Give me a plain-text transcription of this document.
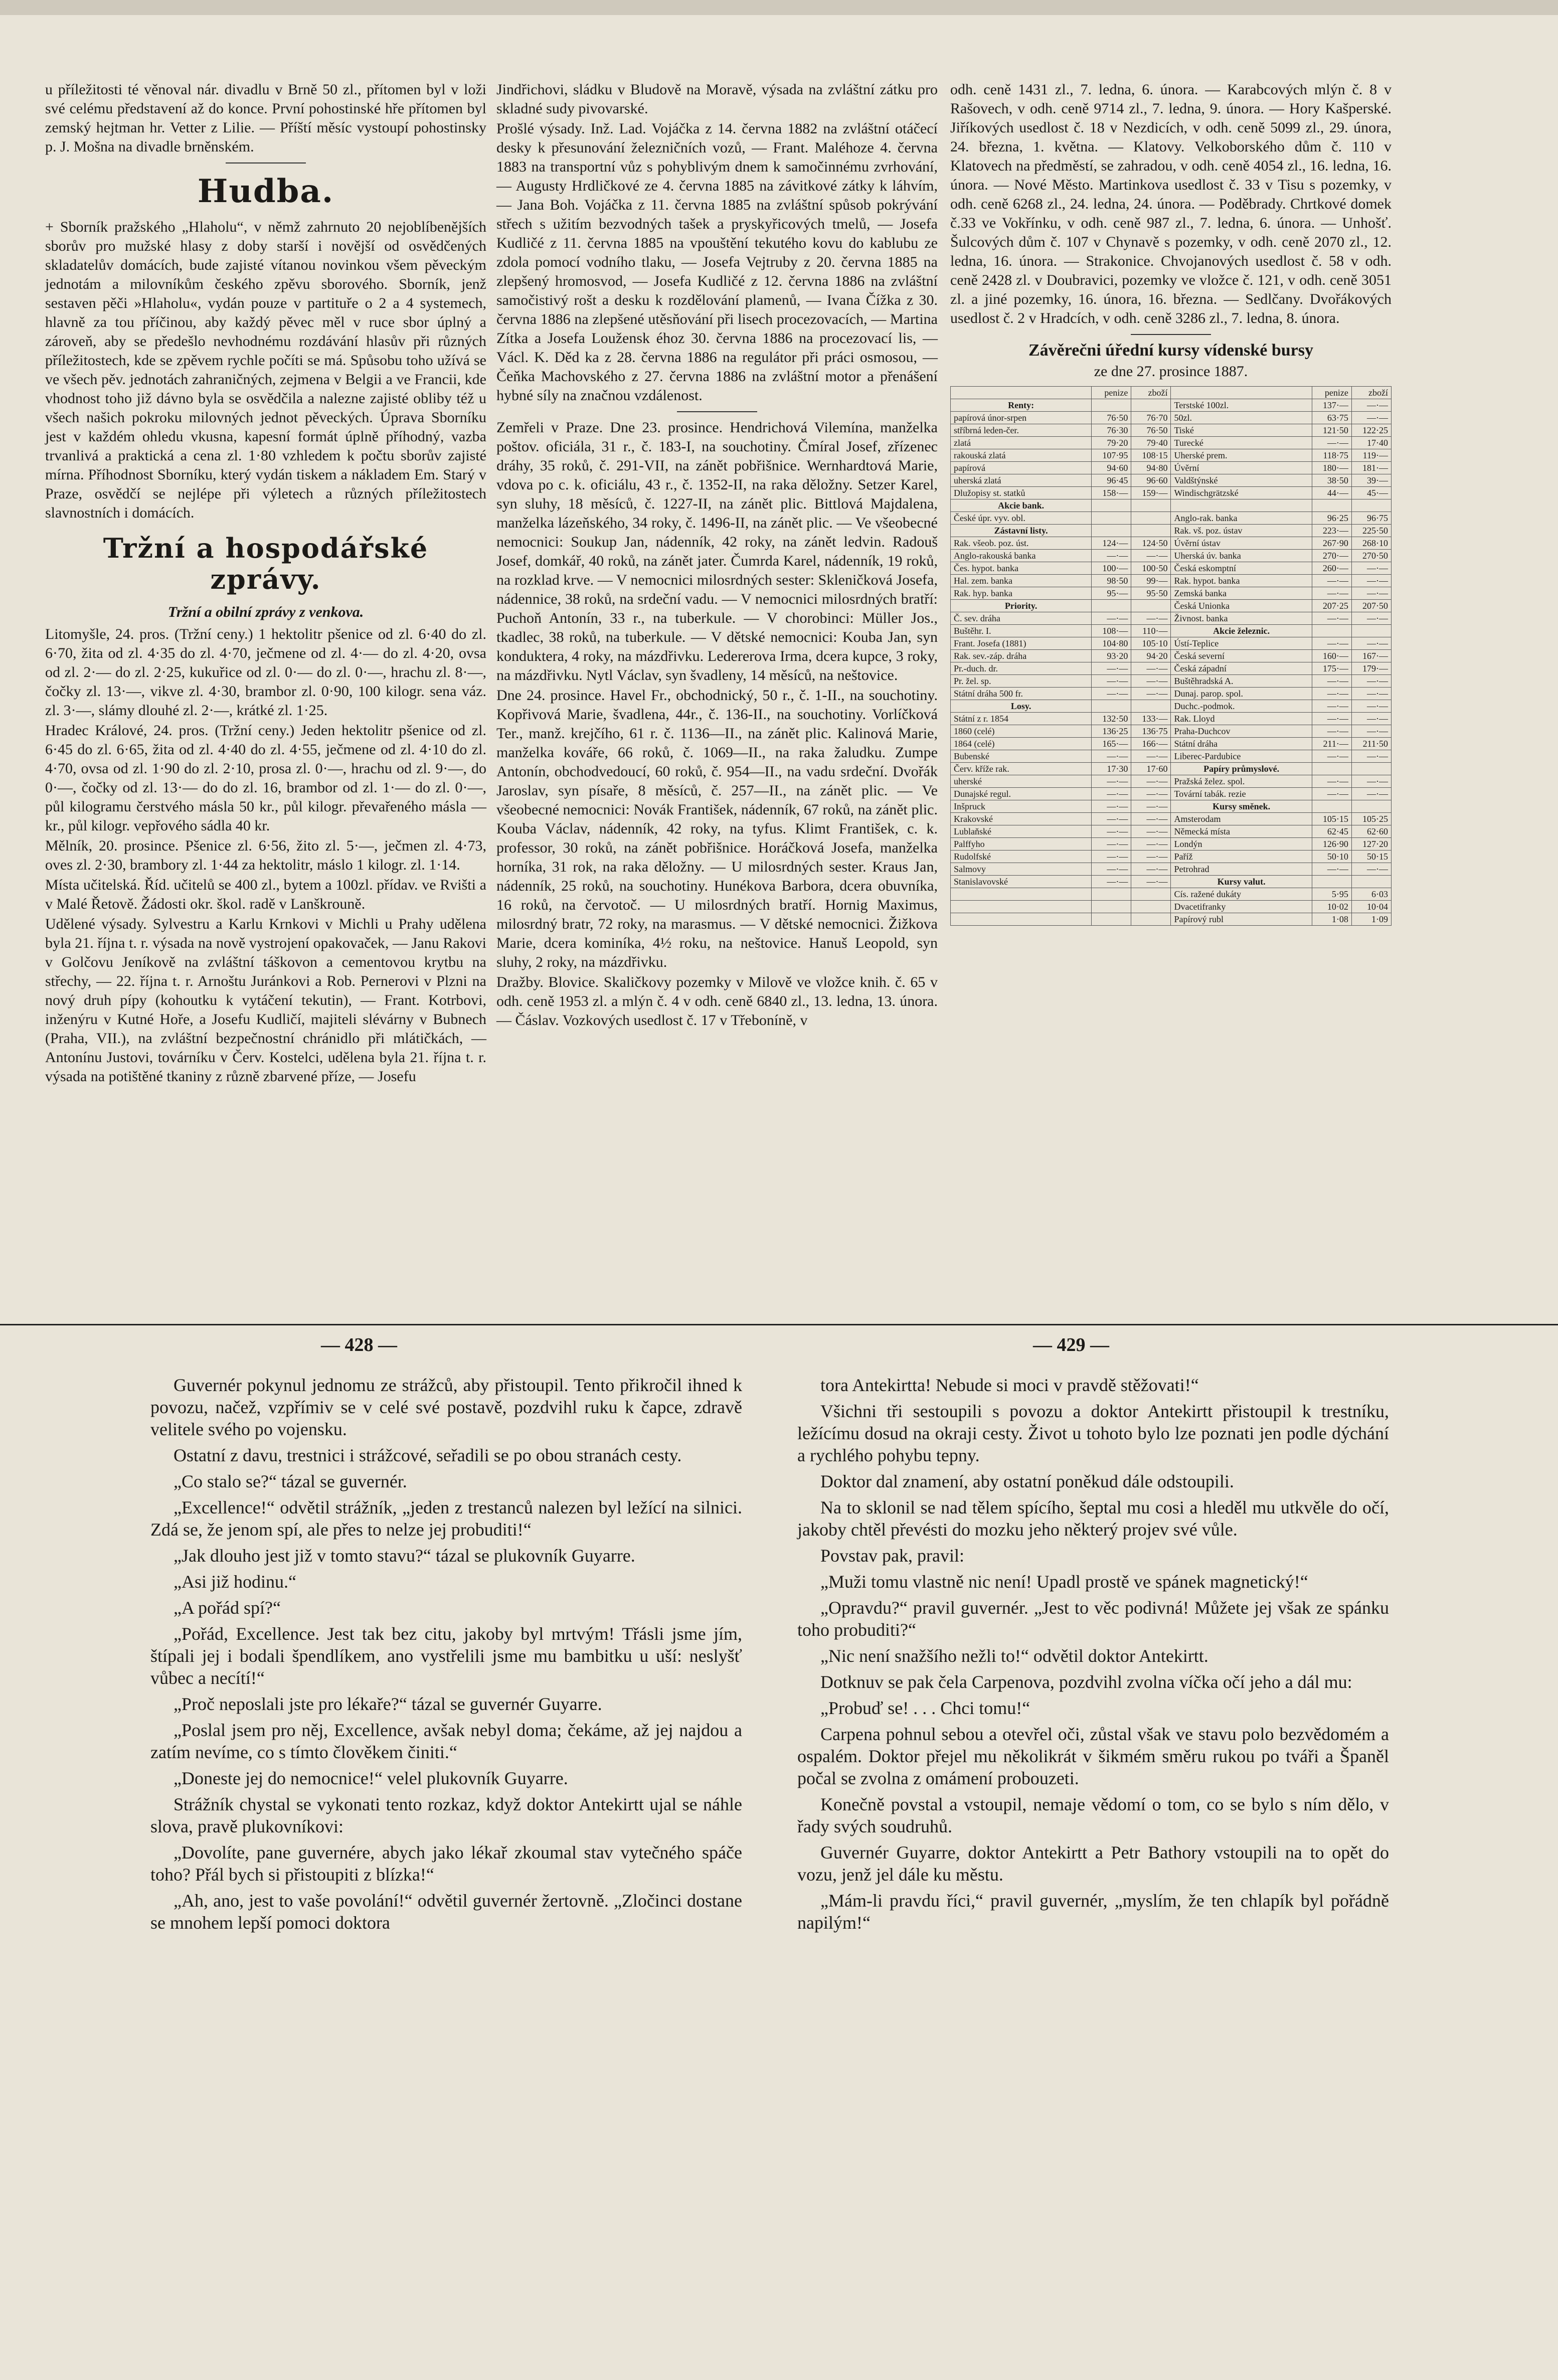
u příležitosti té věnoval nár. divadlu v Brně 50 zl., přítomen byl v loži své celému představení až do konce. První pohostinské hře přítomen byl zemský hejtman hr. Vetter z Lilie. — Příští měsíc vystoupí pohostinsky p. J. Mošna na divadle brněnském.

Hudba.

+ Sborník pražského „Hlaholu“, v němž zahrnuto 20 nejoblíbenějších sborův pro mužské hlasy z doby starší i novější od osvědčených skladatelův domácích, bude zajisté vítanou novinkou všem pěveckým jednotám a milovníkům českého zpěvu sborového. Sborník, jenž sestaven pěči »Hlaholu«, vydán pouze v partituře o 2 a 4 systemech, hlavně za tou příčinou, aby každý pěvec měl v ruce sbor úplný a zároveň, aby se předešlo nevhodnému rozdávání hlasův při různých příležitostech, kde se zpěvem rychle počíti se má. Spůsobu toho užívá se ve všech pěv. jednotách zahraničných, zejmena v Belgii a ve Francii, kde vhodnost toho již dávno byla se osvědčila a nalezne zajisté obliby též u všech našich pokroku milovných jednot pěveckých. Úprava Sborníku jest v každém ohledu vkusna, kapesní formát úplně příhodný, vazba trvanlivá a praktická a cena zl. 1·80 vzhledem k počtu sborův zajisté mírna. Příhodnost Sborníku, který vydán tiskem a nákladem Em. Starý v Praze, osvědčí se nejlépe při výletech a různých příležitostech slavnostních i domácích.

Tržní a hospodářské zprávy.
Tržní a obilní zprávy z venkova.

Litomyšle, 24. pros. (Tržní ceny.) 1 hektolitr pšenice od zl. 6·40 do zl. 6·70, žita od zl. 4·35 do zl. 4·70, ječmene od zl. 4·— do zl. 4·20, ovsa od zl. 2·— do zl. 2·25, kukuřice od zl. 0·— do zl. 0·—, hrachu zl. 8·—, čočky zl. 13·—, vikve zl. 4·30, brambor zl. 0·90, 100 kilogr. sena váz. zl. 3·—, slámy dlouhé zl. 2·—, krátké zl. 1·25.

Hradec Králové, 24. pros. (Tržní ceny.) Jeden hektolitr pšenice od zl. 6·45 do zl. 6·65, žita od zl. 4·40 do zl. 4·55, ječmene od zl. 4·10 do zl. 4·70, ovsa od zl. 1·90 do zl. 2·10, prosa zl. 0·—, hrachu od zl. 9·—, do 0·—, čočky od zl. 13·— do do zl. 16, brambor od zl. 1·— do zl. 0·—, půl kilogramu čerstvého másla 50 kr., půl kilogr. převařeného másla — kr., půl kilogr. vepřového sádla 40 kr.

Mělník, 20. prosince. Pšenice zl. 6·56, žito zl. 5·—, ječmen zl. 4·73, oves zl. 2·30, brambory zl. 1·44 za hektolitr, máslo 1 kilogr. zl. 1·14.

Místa učitelská. Říd. učitelů se 400 zl., bytem a 100zl. přídav. ve Rvišti a v Malé Řetově. Žádosti okr. škol. radě v Lanškrouně.

Udělené výsady. Sylvestru a Karlu Krnkovi v Michli u Prahy udělena byla 21. října t. r. výsada na nově vystrojení opakovaček, — Janu Rakovi v Golčovu Jeníkově na zvláštní táškovon a cementovou krytbu na střechy, — 22. října t. r. Arnoštu Juránkovi a Rob. Pernerovi v Plzni na nový druh pípy (kohoutku k vytáčení tekutin), — Frant. Kotrbovi, inženýru v Kutné Hoře, a Josefu Kudličí, majiteli slévárny v Bubnech (Praha, VII.), na zvláštní bezpečnostní chránidlo při mlátičkách, — Antonínu Justovi, továrníku v Červ. Kostelci, udělena byla 21. října t. r. výsada na potištěné tkaniny z různě zbarvené příze, — Josefu

Jindřichovi, sládku v Bludově na Moravě, výsada na zvláštní zátku pro skladné sudy pivovarské.

Prošlé výsady. Inž. Lad. Vojáčka z 14. června 1882 na zvláštní otáčecí desky k přesunování železničních vozů, — Frant. Maléhoze 4. června 1883 na transportní vůz s pohyblivým dnem k samočinnému zvrhování, — Augusty Hrdličkové ze 4. června 1885 na závitkové zátky k láhvím, — Jana Boh. Vojáčka z 11. června 1885 na zvláštní spůsob pokrývání střech s užitím bezvodných tašek a pryskyřicových tmelů, — Josefa Kudličé z 11. června 1885 na vpouštění tekutého kovu do kablubu ze zdola pomocí vodního tlaku, — Josefa Vejtruby z 20. června 1885 na zlepšený hromosvod, — Josefa Kudličé z 12. června 1886 na zvláštní samočistivý rošt a desku k rozdělování plamenů, — Ivana Čížka z 30. června 1886 na zlepšené utěsňování při lisech procezovacích, — Martina Zítka a Josefa Loužensk éhoz 30. června 1886 na procezovací lis, — Václ. K. Děd ka z 28. června 1886 na regulátor při práci osmosou, — Čeňka Machovského z 27. června 1886 na zvláštní motor a přenášení hybné síly na značnou vzdálenost.

Zemřeli v Praze. Dne 23. prosince. Hendrichová Vilemína, manželka poštov. oficiála, 31 r., č. 183-I, na souchotiny. Čmíral Josef, zřízenec dráhy, 35 roků, č. 291-VII, na zánět pobřišnice. Wernhardtová Marie, vdova po c. k. oficiálu, 43 r., č. 1352-II, na raka děložny. Setzer Karel, syn sluhy, 18 měsíců, č. 1227-II, na zánět plic. Bittlová Majdalena, manželka lázeňského, 34 roky, č. 1496-II, na zánět plic. — Ve všeobecné nemocnici: Soukup Jan, nádenník, 42 roky, na zánět ledvin. Radouš Josef, domkář, 40 roků, na zánět jater. Čumrda Karel, nádenník, 19 roků, na rozklad krve. — V nemocnici milosrdných sester: Skleničková Josefa, nádennice, 38 roků, na srdeční vadu. — V nemocnici milosrdných bratří: Puchoň Antonín, 33 r., na tuberkule. — V chorobinci: Müller Jos., tkadlec, 38 roků, na tuberkule. — V dětské nemocnici: Kouba Jan, syn konduktera, 4 roky, na mázdřivku. Ledererova Irma, dcera kupce, 3 roky, na mázdřivku. Nytl Václav, syn švadleny, 14 měsíců, na neštovice.

Dne 24. prosince. Havel Fr., obchodnický, 50 r., č. 1-II., na souchotiny. Kopřivová Marie, švadlena, 44r., č. 136-II., na souchotiny. Vorlíčková Ter., manž. krejčího, 61 r. č. 1136—II., na zánět plic. Kalinová Marie, manželka kováře, 66 roků, č. 1069—II., na raka žaludku. Zumpe Antonín, obchodvedoucí, 60 roků, č. 954—II., na vadu srdeční. Dvořák Jaroslav, syn písaře, 8 měsíců, č. 257—II., na zánět plic. — Ve všeobecné nemocnici: Novák František, nádenník, 67 roků, na zánět plic. Kouba Václav, nádenník, 42 roky, na tyfus. Klimt František, c. k. professor, 30 roků, na zánět pobřišnice. Horáčková Josefa, manželka horníka, 31 rok, na raka děložny. — U milosrdných sester. Kraus Jan, nádenník, 25 roků, na souchotiny. Hunékova Barbora, dcera obuvníka, 16 roků, na červotoč. — U milosrdných bratří. Hornig Maximus, milosrdný bratr, 72 roky, na marasmus. — V dětské nemocnici. Žižkova Marie, dcera kominíka, 4½ roku, na neštovice. Hanuš Leopold, syn sluhy, 2 roky, na mázdřivku.

Dražby. Blovice. Skaličkovy pozemky v Milově ve vložce knih. č. 65 v odh. ceně 1953 zl. a mlýn č. 4 v odh. ceně 6840 zl., 13. ledna, 13. února. — Čáslav. Vozkových usedlost č. 17 v Třeboníně, v

odh. ceně 1431 zl., 7. ledna, 6. února. — Karabcových mlýn č. 8 v Rašovech, v odh. ceně 9714 zl., 7. ledna, 9. února. — Hory Kašperské. Jiříkových usedlost č. 18 v Nezdicích, v odh. ceně 5099 zl., 29. února, 24. března, 1. května. — Klatovy. Velkoborského dům č. 110 v Klatovech na předměstí, se zahradou, v odh. ceně 4054 zl., 16. ledna, 16. února. — Nové Město. Martinkova usedlost č. 33 v Tisu s pozemky, v odh. ceně 6268 zl., 24. ledna, 24. února. — Poděbrady. Chrtkové domek č.33 ve Vokřínku, v odh. ceně 987 zl., 7. ledna, 6. února. — Unhošť. Šulcových dům č. 107 v Chynavě s pozemky, v odh. ceně 2070 zl., 12. ledna, 16. února. — Strakonice. Chvojanových usedlost č. 58 v odh. ceně 2428 zl. v Doubravici, pozemky ve vložce č. 121, v odh. ceně 3051 zl. a jiné pozemky, 16. února, 16. března. — Sedlčany. Dvořákových usedlost č. 2 v Hradcích, v odh. ceně 3286 zl., 7. ledna, 8. února.

Závěrečni úřední kursy vídenské bursy
ze dne 27. prosince 1887.
	penize	zboží		penize	zboží
Renty:			Terstské 100zl.	137·—	—·—
papírová únor-srpen	76·50	76·70	50zl.	63·75	—·—
stříbrná leden-čer.	76·30	76·50	Tiské	121·50	122·25
zlatá	79·20	79·40	Turecké	—·—	17·40
rakouská zlatá	107·95	108·15	Uherské prem.	118·75	119·—
papírová	94·60	94·80	Úvěrní	180·—	181·—
uherská zlatá	96·45	96·60	Valdštýnské	38·50	39·—
Dlužopisy st. statků	158·—	159·—	Windischgrätzské	44·—	45·—
Akcie bank.					
České úpr. vyv. obl.			Anglo-rak. banka	96·25	96·75
Zástavní listy.			Rak. vš. poz. ústav	223·—	225·50
Rak. všeob. poz. úst.	124·—	124·50	Úvěrní ústav	267·90	268·10
Anglo-rakouská banka	—·—	—·—	Uherská úv. banka	270·—	270·50
Čes. hypot. banka	100·—	100·50	Česká eskomptní	260·—	—·—
Hal. zem. banka	98·50	99·—	Rak. hypot. banka	—·—	—·—
Rak. hyp. banka	95·—	95·50	Zemská banka	—·—	—·—
Priority.			Česká Unionka	207·25	207·50
Č. sev. dráha	—·—	—·—	Živnost. banka	—·—	—·—
Buštěhr. I.	108·—	110·—	Akcie železnic.		
Frant. Josefa (1881)	104·80	105·10	Ústí-Teplice	—·—	—·—
Rak. sev.-záp. dráha	93·20	94·20	Česká severní	160·—	167·—
Pr.-duch. dr.	—·—	—·—	Česká západní	175·—	179·—
Pr. žel. sp.	—·—	—·—	Buštěhradská A.	—·—	—·—
Státní dráha 500 fr.	—·—	—·—	Dunaj. parop. spol.	—·—	—·—
Losy.			Duchc.-podmok.	—·—	—·—
Státní z r. 1854	132·50	133·—	Rak. Lloyd	—·—	—·—
1860 (celé)	136·25	136·75	Praha-Duchcov	—·—	—·—
1864 (celé)	165·—	166·—	Státní dráha	211·—	211·50
Bubenské	—·—	—·—	Liberec-Pardubice	—·—	—·—
Červ. kříže rak.	17·30	17·60	Papíry průmyslové.		
uherské	—·—	—·—	Pražská želez. spol.	—·—	—·—
Dunajské regul.	—·—	—·—	Tovární tabák. rezie	—·—	—·—
Inšpruck	—·—	—·—	Kursy směnek.		
Krakovské	—·—	—·—	Amsterodam	105·15	105·25
Lublaňské	—·—	—·—	Německá místa	62·45	62·60
Palffyho	—·—	—·—	Londýn	126·90	127·20
Rudolfské	—·—	—·—	Paříž	50·10	50·15
Salmovy	—·—	—·—	Petrohrad	—·—	—·—
Stanislavovské	—·—	—·—	Kursy valut.		
			Cís. ražené dukáty	5·95	6·03
			Dvacetifranky	10·02	10·04
			Papírový rubl	1·08	1·09
— 428 —	— 429 —

Guvernér pokynul jednomu ze strážců, aby přistoupil. Tento přikročil ihned k povozu, načež, vzpřímiv se v celé své postavě, pozdvihl ruku k čapce, zdravě velitele svého po vojensku.

Ostatní z davu, trestnici i strážcové, seřadili se po obou stranách cesty.

„Co stalo se?“ tázal se guvernér.

„Excellence!“ odvětil strážník, „jeden z trestanců nalezen byl ležící na silnici. Zdá se, že jenom spí, ale přes to nelze jej probuditi!“

„Jak dlouho jest již v tomto stavu?“ tázal se plukovník Guyarre.

„Asi již hodinu.“

„A pořád spí?“

„Pořád, Excellence. Jest tak bez citu, jakoby byl mrtvým! Třásli jsme jím, štípali jej i bodali špendlíkem, ano vystřelili jsme mu bambitku u uší: neslyšť vůbec a necítí!“

„Proč neposlali jste pro lékaře?“ tázal se guvernér Guyarre.

„Poslal jsem pro něj, Excellence, avšak nebyl doma; čekáme, až jej najdou a zatím nevíme, co s tímto člověkem činiti.“

„Doneste jej do nemocnice!“ velel plukovník Guyarre.

Strážník chystal se vykonati tento rozkaz, když doktor Antekirtt ujal se náhle slova, pravě plukovníkovi:

„Dovolíte, pane guvernére, abych jako lékař zkoumal stav vytečného spáče toho? Přál bych si přistoupiti z blízka!“

„Ah, ano, jest to vaše povolání!“ odvětil guvernér žertovně. „Zločinci dostane se mnohem lepší pomoci doktora

tora Antekirtta! Nebude si moci v pravdě stěžovati!“

Všichni tři sestoupili s povozu a doktor Antekirtt přistoupil k trestníku, ležícímu dosud na okraji cesty. Život u tohoto bylo lze poznati jen podle dýchání a rychlého pohybu tepny.

Doktor dal znamení, aby ostatní poněkud dále odstoupili.

Na to sklonil se nad tělem spícího, šeptal mu cosi a hleděl mu utkvěle do očí, jakoby chtěl převésti do mozku jeho některý projev své vůle.

Povstav pak, pravil:

„Muži tomu vlastně nic není! Upadl prostě ve spánek magnetický!“

„Opravdu?“ pravil guvernér. „Jest to věc podivná! Můžete jej však ze spánku toho probuditi?“

„Nic není snažšího nežli to!“ odvětil doktor Antekirtt.

Dotknuv se pak čela Carpenova, pozdvihl zvolna víčka očí jeho a dál mu:

„Probuď se! . . . Chci tomu!“

Carpena pohnul sebou a otevřel oči, zůstal však ve stavu polo bezvědomém a ospalém. Doktor přejel mu několikrát v šikmém směru rukou po tváři a Španěl počal se zvolna z omámení probouzeti.

Konečně povstal a vstoupil, nemaje vědomí o tom, co se bylo s ním dělo, v řady svých soudruhů.

Guvernér Guyarre, doktor Antekirtt a Petr Bathory vstoupili na to opět do vozu, jenž jel dále ku městu.

„Mám-li pravdu říci,“ pravil guvernér, „myslím, že ten chlapík byl pořádně napilým!“
